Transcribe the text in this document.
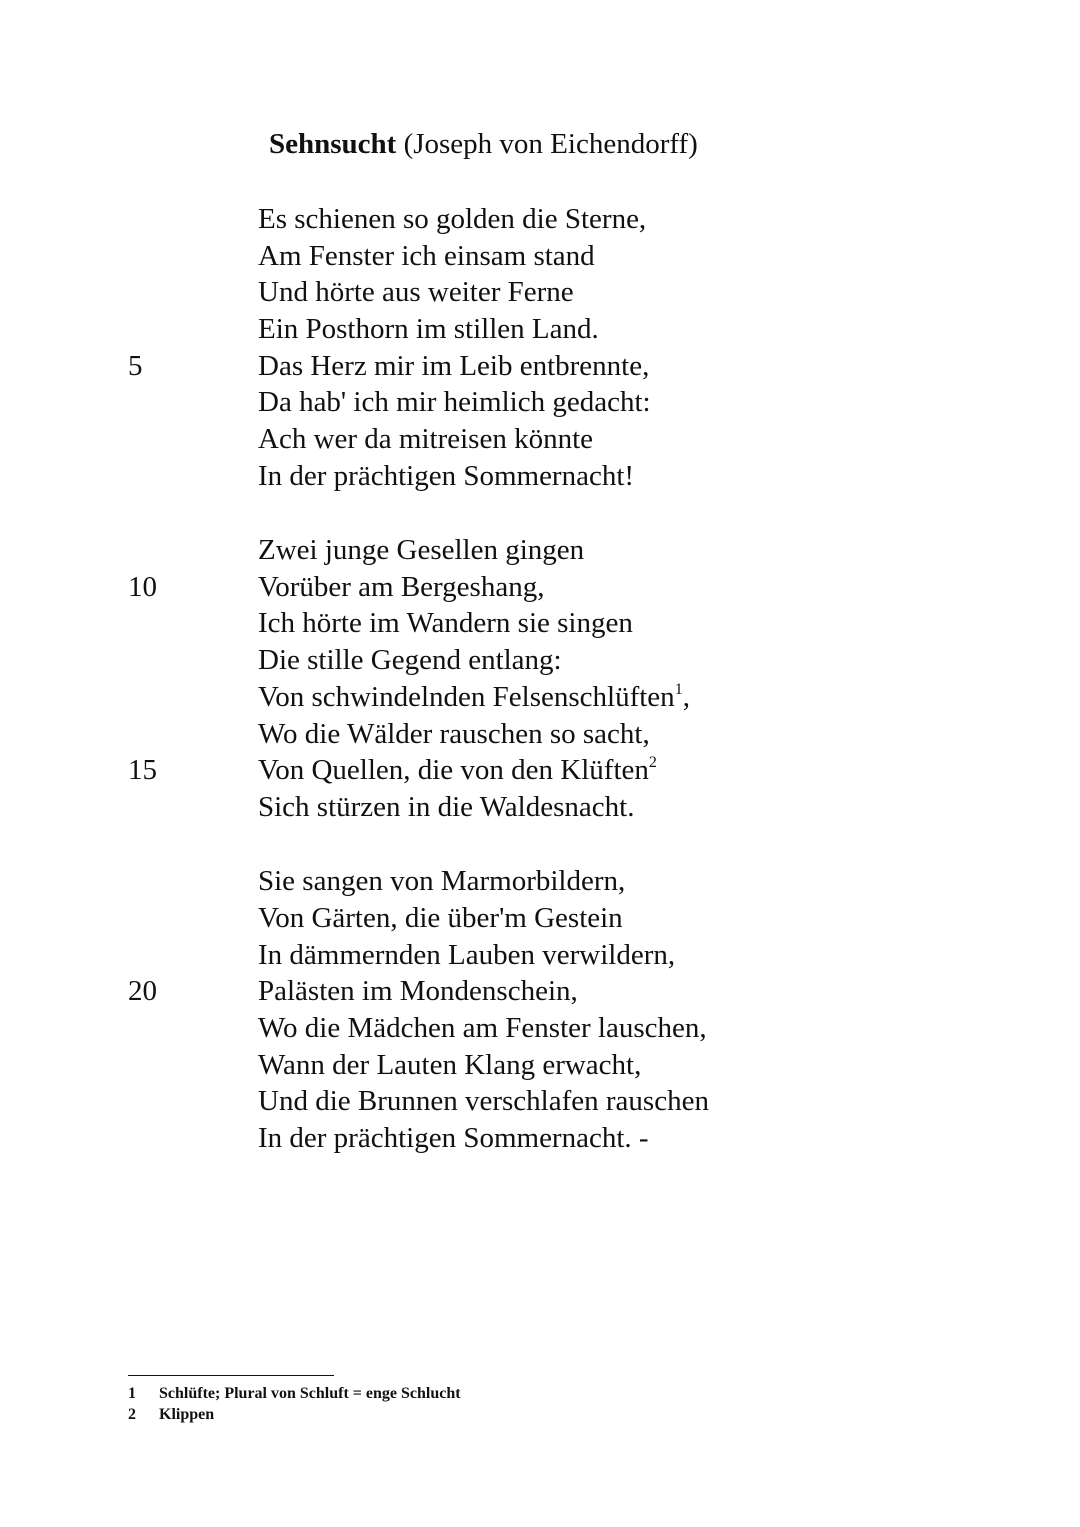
Sehnsucht (Joseph von Eichendorff)
Es schienen so golden die Sterne,
Am Fenster ich einsam stand
Und hörte aus weiter Ferne
Ein Posthorn im stillen Land.
5	Das Herz mir im Leib entbrennte,
Da hab' ich mir heimlich gedacht:
Ach wer da mitreisen könnte
In der prächtigen Sommernacht!
Zwei junge Gesellen gingen
10	Vorüber am Bergeshang,
Ich hörte im Wandern sie singen
Die stille Gegend entlang:
Von schwindelnden Felsenschlüften$^1$,
Wo die Wälder rauschen so sacht,
15	Von Quellen, die von den Klüften$^2$
Sich stürzen in die Waldesnacht.
Sie sangen von Marmorbildern,
Von Gärten, die über'm Gestein
In dämmernden Lauben verwildern,
20	Palästen im Mondenschein,
Wo die Mädchen am Fenster lauschen,
Wann der Lauten Klang erwacht,
Und die Brunnen verschlafen rauschen
In der prächtigen Sommernacht. -
1 Schlüfte; Plural von Schluft = enge Schlucht
2 Klippen
